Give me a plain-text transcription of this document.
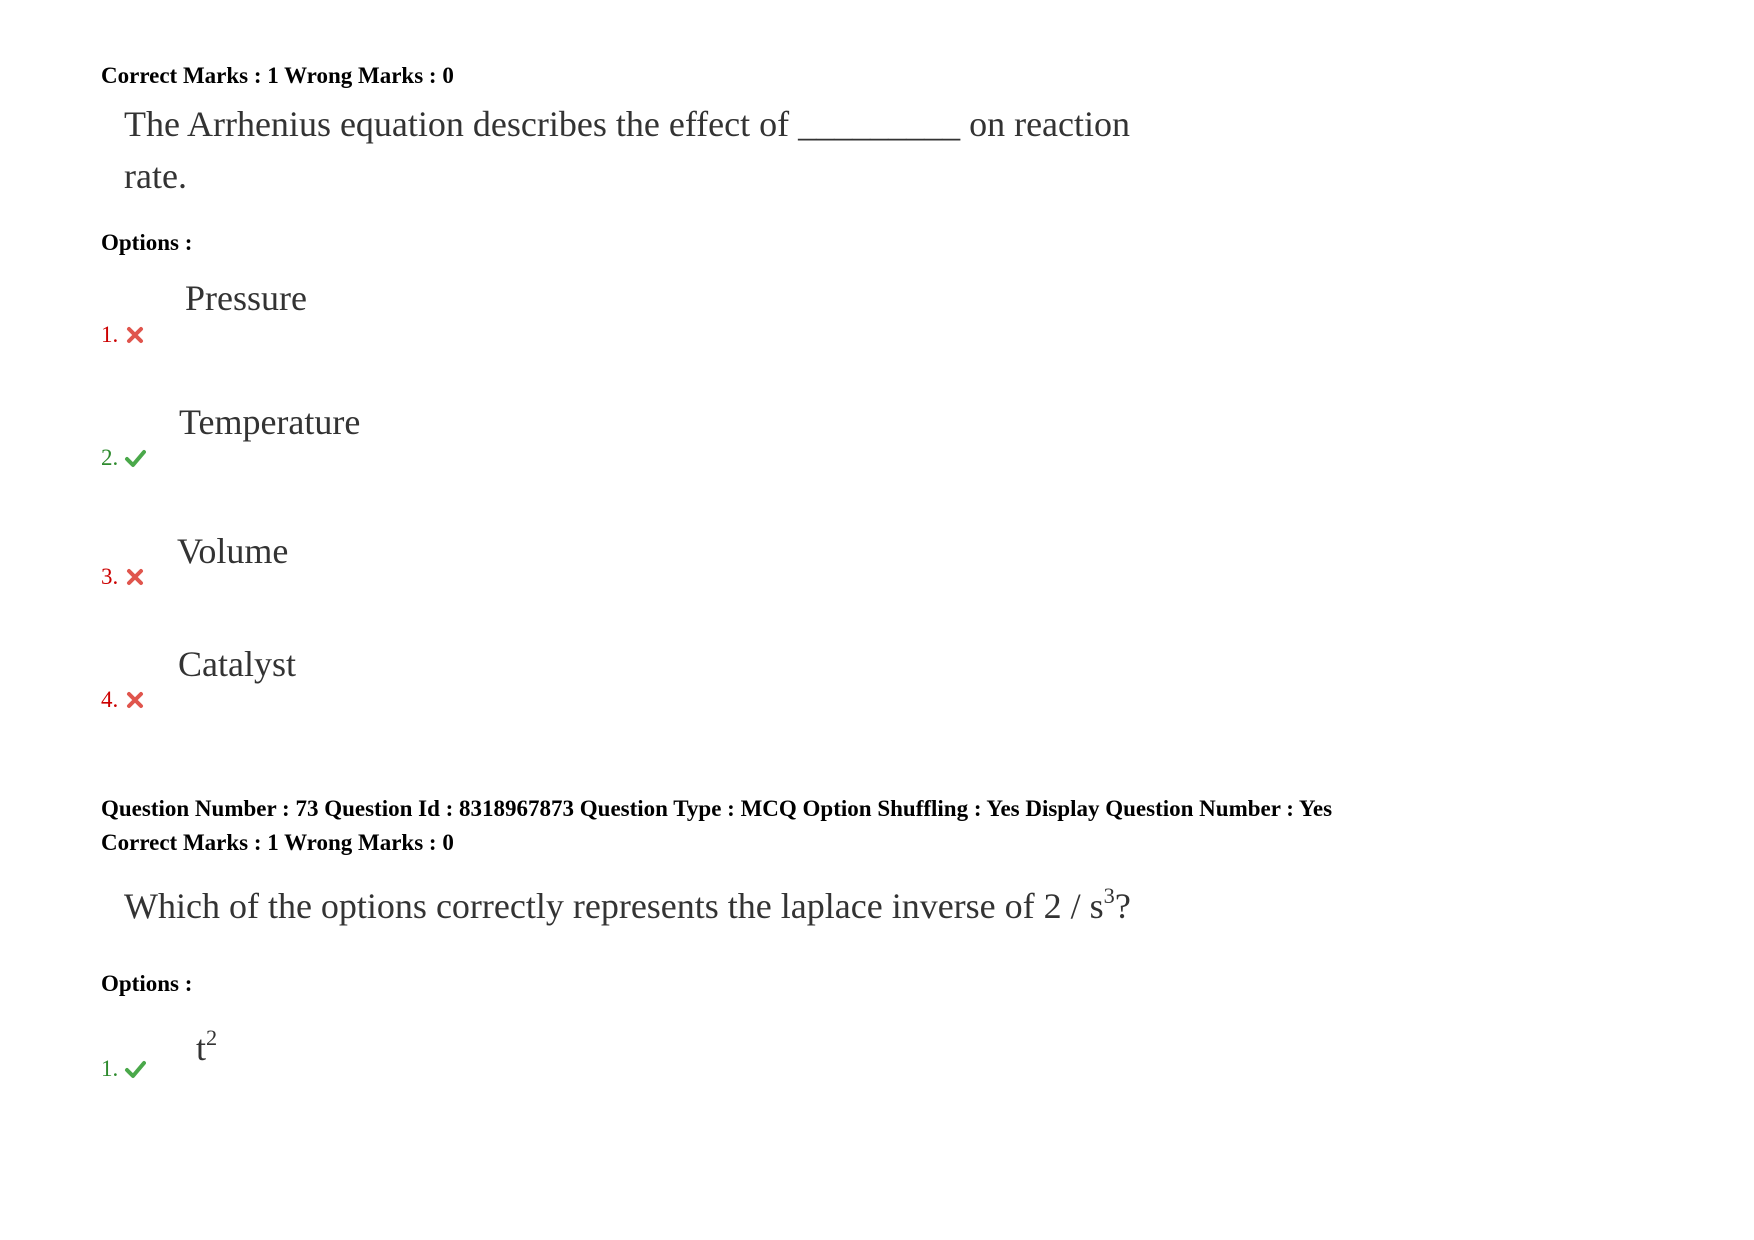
Correct Marks : 1 Wrong Marks : 0
The Arrhenius equation describes the effect of _________ on reaction
rate.
Options :
Pressure
1.
Temperature
2.
Volume
3.
Catalyst
4.
Question Number : 73 Question Id : 8318967873 Question Type : MCQ Option Shuffling : Yes Display Question Number : Yes
Correct Marks : 1 Wrong Marks : 0
Which of the options correctly represents the laplace inverse of $2 / s^3$?
Options :
$t^2$
1.
